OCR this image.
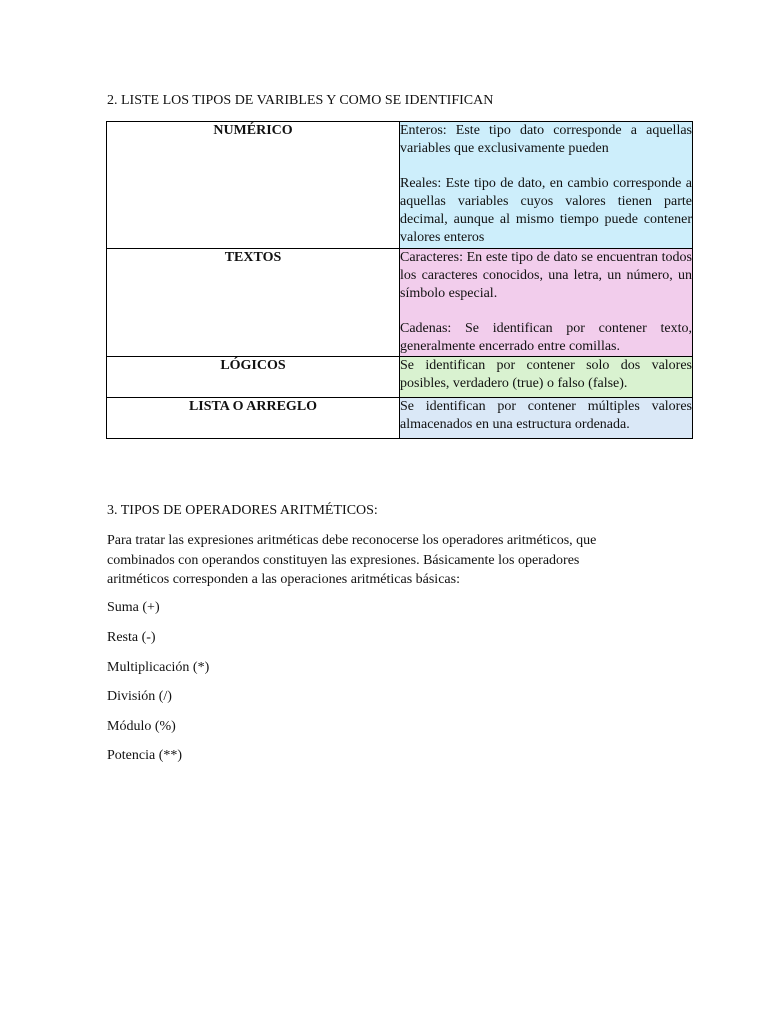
2. LISTE LOS TIPOS DE VARIBLES Y COMO SE IDENTIFICAN
NUMÉRICO	Enteros: Este tipo dato corresponde a aquellas variables que exclusivamente pueden

Reales: Este tipo de dato, en cambio corresponde a aquellas variables cuyos valores tienen parte decimal, aunque al mismo tiempo puede contener valores enteros

TEXTOS	Caracteres: En este tipo de dato se encuentran todos los caracteres conocidos, una letra, un número, un símbolo especial.

Cadenas: Se identifican por contener texto, generalmente encerrado entre comillas.

LÓGICOS	Se identifican por contener solo dos valores posibles, verdadero (true) o falso (false).

LISTA O ARREGLO	Se identifican por contener múltiples valores almacenados en una estructura ordenada.

3. TIPOS DE OPERADORES ARITMÉTICOS:

Para tratar las expresiones aritméticas debe reconocerse los operadores aritméticos, que
combinados con operandos constituyen las expresiones. Básicamente los operadores
aritméticos corresponden a las operaciones aritméticas básicas:

Suma (+)
Resta (-)
Multiplicación (*)
División (/)
Módulo (%)
Potencia (**)
